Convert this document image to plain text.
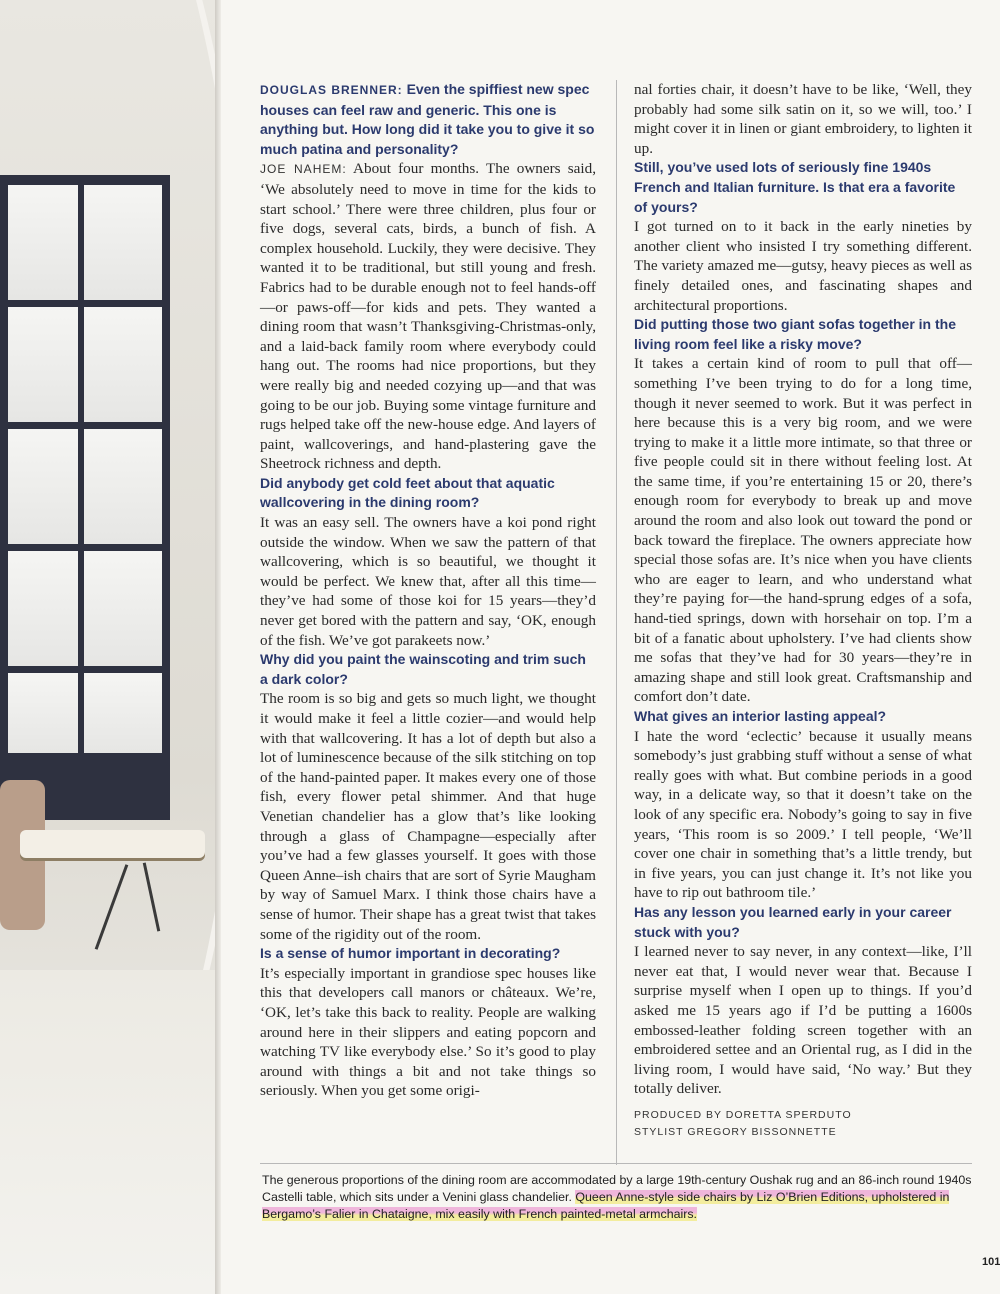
DOUGLAS BRENNER: Even the spiffiest new spec houses can feel raw and generic. This one is anything but. How long did it take you to give it so much patina and personality?

JOE NAHEM: About four months. The owners said, ‘We absolutely need to move in time for the kids to start school.’ There were three children, plus four or five dogs, several cats, birds, a bunch of fish. A complex household. Luckily, they were decisive. They wanted it to be traditional, but still young and fresh. Fabrics had to be durable enough not to feel hands-off—or paws-off—for kids and pets. They wanted a dining room that wasn’t Thanksgiving-Christmas-only, and a laid-back family room where everybody could hang out. The rooms had nice proportions, but they were really big and needed cozying up—and that was going to be our job. Buying some vintage furniture and rugs helped take off the new-house edge. And layers of paint, wallcoverings, and hand-plastering gave the Sheetrock richness and depth.

Did anybody get cold feet about that aquatic wallcovering in the dining room?

It was an easy sell. The owners have a koi pond right outside the window. When we saw the pattern of that wallcovering, which is so beautiful, we thought it would be perfect. We knew that, after all this time—they’ve had some of those koi for 15 years—they’d never get bored with the pattern and say, ‘OK, enough of the fish. We’ve got parakeets now.’

Why did you paint the wainscoting and trim such a dark color?

The room is so big and gets so much light, we thought it would make it feel a little cozier—and would help with that wallcovering. It has a lot of depth but also a lot of luminescence because of the silk stitching on top of the hand-painted paper. It makes every one of those fish, every flower petal shimmer. And that huge Venetian chandelier has a glow that’s like looking through a glass of Champagne—especially after you’ve had a few glasses yourself. It goes with those Queen Anne–ish chairs that are sort of Syrie Maugham by way of Samuel Marx. I think those chairs have a sense of humor. Their shape has a great twist that takes some of the rigidity out of the room.

Is a sense of humor important in decorating?

It’s especially important in grandiose spec houses like this that developers call manors or châteaux. We’re, ‘OK, let’s take this back to reality. People are walking around here in their slippers and eating popcorn and watching TV like everybody else.’ So it’s good to play around with things a bit and not take things so seriously. When you get some origi-

nal forties chair, it doesn’t have to be like, ‘Well, they probably had some silk satin on it, so we will, too.’ I might cover it in linen or giant embroidery, to lighten it up.

Still, you’ve used lots of seriously fine 1940s French and Italian furniture. Is that era a favorite of yours?

I got turned on to it back in the early nineties by another client who insisted I try something different. The variety amazed me—gutsy, heavy pieces as well as finely detailed ones, and fascinating shapes and architectural proportions.

Did putting those two giant sofas together in the living room feel like a risky move?

It takes a certain kind of room to pull that off—something I’ve been trying to do for a long time, though it never seemed to work. But it was perfect in here because this is a very big room, and we were trying to make it a little more intimate, so that three or five people could sit in there without feeling lost. At the same time, if you’re entertaining 15 or 20, there’s enough room for everybody to break up and move around the room and also look out toward the pond or back toward the fireplace. The owners appreciate how special those sofas are. It’s nice when you have clients who are eager to learn, and who understand what they’re paying for—the hand-sprung edges of a sofa, hand-tied springs, down with horsehair on top. I’m a bit of a fanatic about upholstery. I’ve had clients show me sofas that they’ve had for 30 years—they’re in amazing shape and still look great. Craftsmanship and comfort don’t date.

What gives an interior lasting appeal?

I hate the word ‘eclectic’ because it usually means somebody’s just grabbing stuff without a sense of what really goes with what. But combine periods in a good way, in a delicate way, so that it doesn’t take on the look of any specific era. Nobody’s going to say in five years, ‘This room is so 2009.’ I tell people, ‘We’ll cover one chair in something that’s a little trendy, but in five years, you can just change it. It’s not like you have to rip out bathroom tile.’

Has any lesson you learned early in your career stuck with you?

I learned never to say never, in any context—like, I’ll never eat that, I would never wear that. Because I surprise myself when I open up to things. If you’d asked me 15 years ago if I’d be putting a 1600s embossed-leather folding screen together with an embroidered settee and an Oriental rug, as I did in the living room, I would have said, ‘No way.’ But they totally deliver.

PRODUCED BY DORETTA SPERDUTO
STYLIST GREGORY BISSONNETTE
The generous proportions of the dining room are accommodated by a large 19th-century Oushak rug and an 86-inch round 1940s Castelli table, which sits under a Venini glass chandelier. Queen Anne-style side chairs by Liz O’Brien Editions, upholstered in Bergamo’s Falier in Chataigne, mix easily with French painted-metal armchairs.
101
